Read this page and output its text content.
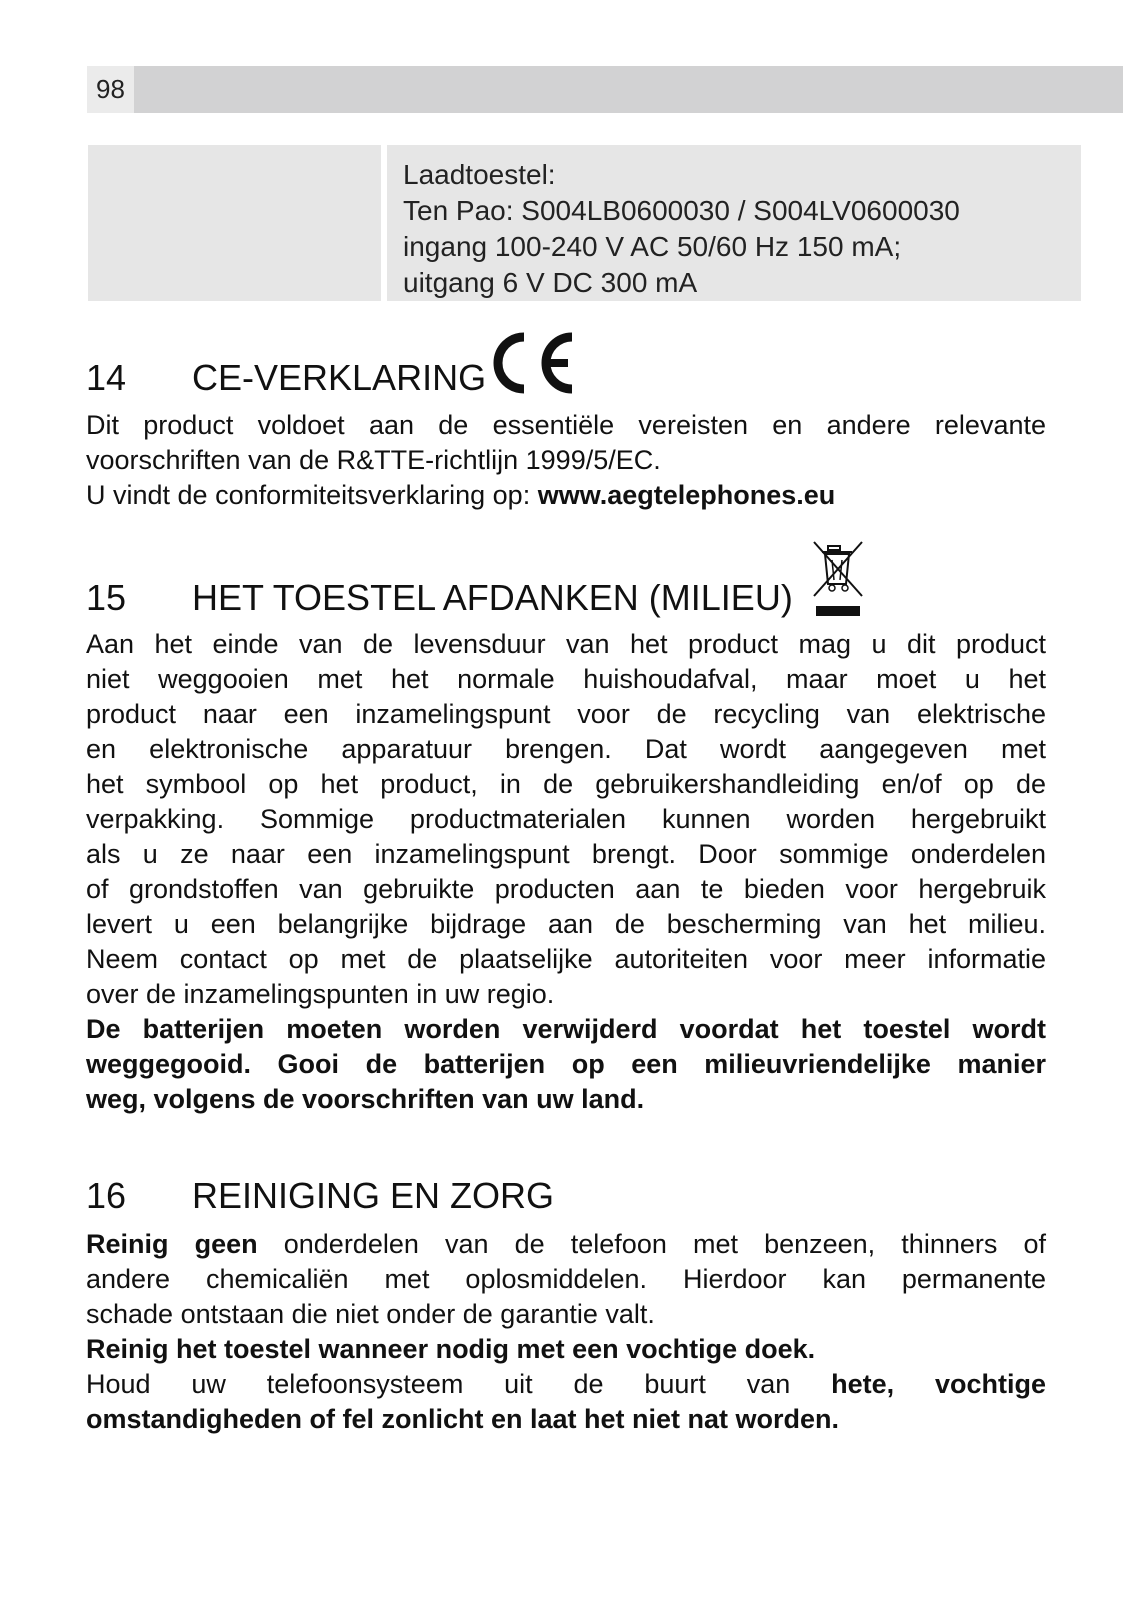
98
Laadtoestel:
Ten Pao: S004LB0600030 / S004LV0600030
ingang 100-240 V AC 50/60 Hz 150 mA;
uitgang 6 V DC 300 mA
14 CE-VERKLARING
Dit product voldoet aan de essentiële vereisten en andere relevante
voorschriften van de R&TTE-richtlijn 1999/5/EC.
U vindt de conformiteitsverklaring op: www.aegtelephones.eu
15 HET TOESTEL AFDANKEN (MILIEU)
Aan het einde van de levensduur van het product mag u dit product
niet weggooien met het normale huishoudafval, maar moet u het
product naar een inzamelingspunt voor de recycling van elektrische
en elektronische apparatuur brengen. Dat wordt aangegeven met
het symbool op het product, in de gebruikershandleiding en/of op de
verpakking. Sommige productmaterialen kunnen worden hergebruikt
als u ze naar een inzamelingspunt brengt. Door sommige onderdelen
of grondstoffen van gebruikte producten aan te bieden voor hergebruik
levert u een belangrijke bijdrage aan de bescherming van het milieu.
Neem contact op met de plaatselijke autoriteiten voor meer informatie
over de inzamelingspunten in uw regio.
De batterijen moeten worden verwijderd voordat het toestel wordt
weggegooid. Gooi de batterijen op een milieuvriendelijke manier
weg, volgens de voorschriften van uw land.
16 REINIGING EN ZORG
Reinig geen onderdelen van de telefoon met benzeen, thinners of
andere chemicaliën met oplosmiddelen. Hierdoor kan permanente
schade ontstaan die niet onder de garantie valt.
Reinig het toestel wanneer nodig met een vochtige doek.
Houd uw telefoonsysteem uit de buurt van hete, vochtige
omstandigheden of fel zonlicht en laat het niet nat worden.
